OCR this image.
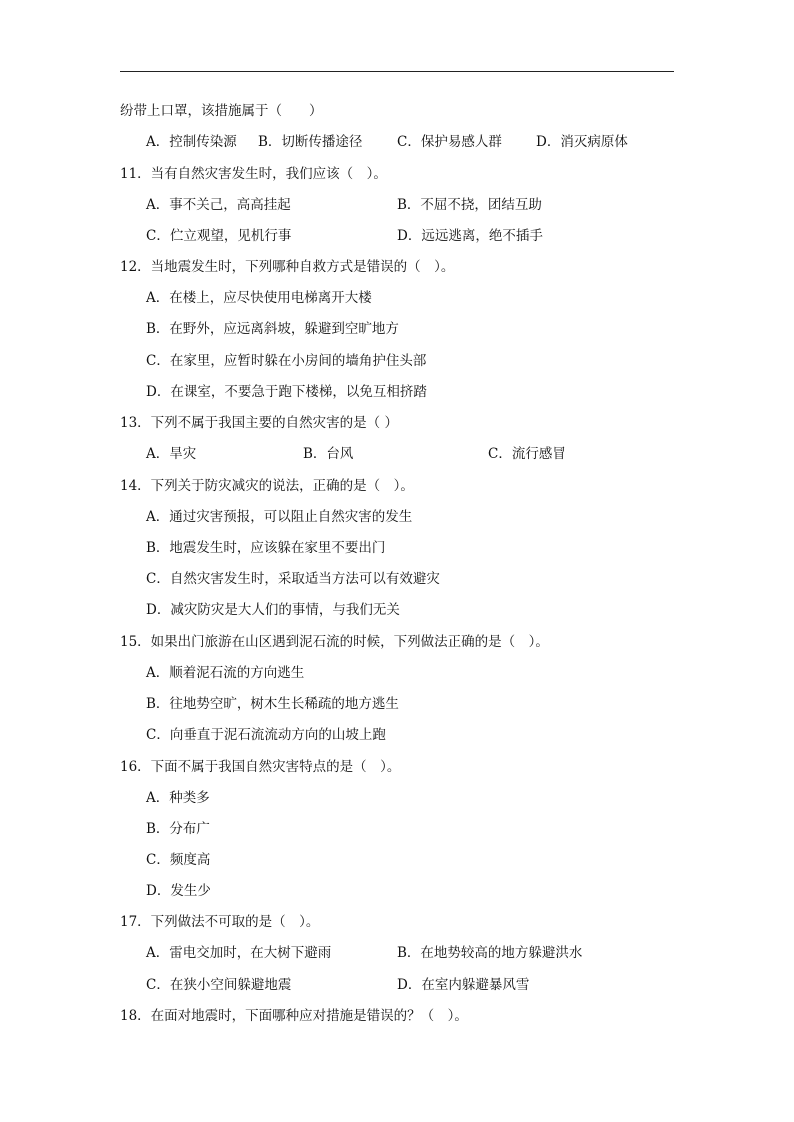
纷带上口罩，该措施属于（　　）
A．控制传染源 B．切断传播途径	C．保护易感人群	D．消灭病原体
11．当有自然灾害发生时，我们应该（　）。
A．事不关己，高高挂起	B．不屈不挠，团结互助
C．伫立观望，见机行事	D．远远逃离，绝不插手
12．当地震发生时，下列哪种自救方式是错误的（　）。
A．在楼上，应尽快使用电梯离开大楼
B．在野外，应远离斜坡，躲避到空旷地方
C．在家里，应暂时躲在小房间的墙角护住头部
D．在课室，不要急于跑下楼梯，以免互相挤踏
13．下列不属于我国主要的自然灾害的是（ ）
A．旱灾	B．台风	C．流行感冒
14．下列关于防灾减灾的说法，正确的是（　）。
A．通过灾害预报，可以阻止自然灾害的发生
B．地震发生时，应该躲在家里不要出门
C．自然灾害发生时，采取适当方法可以有效避灾
D．减灾防灾是大人们的事情，与我们无关
15．如果出门旅游在山区遇到泥石流的时候，下列做法正确的是（　）。
A．顺着泥石流的方向逃生
B．往地势空旷，树木生长稀疏的地方逃生
C．向垂直于泥石流流动方向的山坡上跑
16．下面不属于我国自然灾害特点的是（　）。
A．种类多
B．分布广
C．频度高
D．发生少
17．下列做法不可取的是（　）。
A．雷电交加时，在大树下避雨	B．在地势较高的地方躲避洪水
C．在狭小空间躲避地震	D．在室内躲避暴风雪
18．在面对地震时，下面哪种应对措施是错误的？（　）。
